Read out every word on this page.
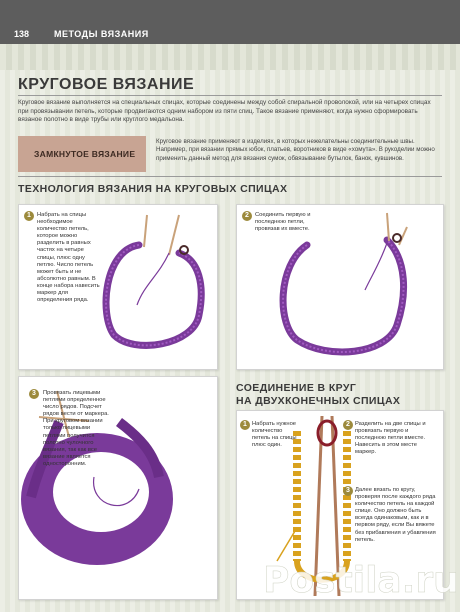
138	МЕТОДЫ ВЯЗАНИЯ
КРУГОВОЕ ВЯЗАНИЕ
Круговое вязание выполняется на специальных спицах, которые соединены между собой спиральной проволокой, или на четырех спицах при провязывании петель, которые продвигаются одним набором из пяти спиц. Такое вязание применяют, когда нужно сформировать вязаное полотно в виде трубы или круглого медальона.
ЗАМКНУТОЕ ВЯЗАНИЕ
Круговое вязание применяют в изделиях, в которых нежелательны соединительные швы. Например, при вязании прямых юбок, платьев, воротников в виде «хомута». В рукоделии можно применить данный метод для вязания сумок, обвязывание бутылок, банок, кувшинов.
ТЕХНОЛОГИЯ ВЯЗАНИЯ НА КРУГОВЫХ СПИЦАХ
1	Набрать на спицы необходимое количество петель, которое можно разделить в равных частях на четыре спицы, плюс одну петлю. Число петель может быть и не абсолютно равным. В конце набора навесить маркер для определения ряда.
2	Соединить первую и последнюю петли, провязав их вместе.
3	Провязать лицевыми петлями определенное число рядов. Подсчет рядов вести от маркера. При круговом вязании только лицевыми петлями получится полотно чулочного вязания, так как все вязание является односторонним.
СОЕДИНЕНИЕ В КРУГ
НА ДВУХКОНЕЧНЫХ СПИЦАХ
1 Набрать нужное количество петель на спицы плюс один.
2 Разделить на две спицы и провязать первую и последнюю петли вместе. Навесить в этом месте маркер.
3 Далее вязать по кругу, проверяя после каждого ряда количество петель на каждой спице. Оно должно быть всегда одинаковым, как и в первом ряду, если Вы вяжете без прибавления и убавления петель.
Postila.ru
